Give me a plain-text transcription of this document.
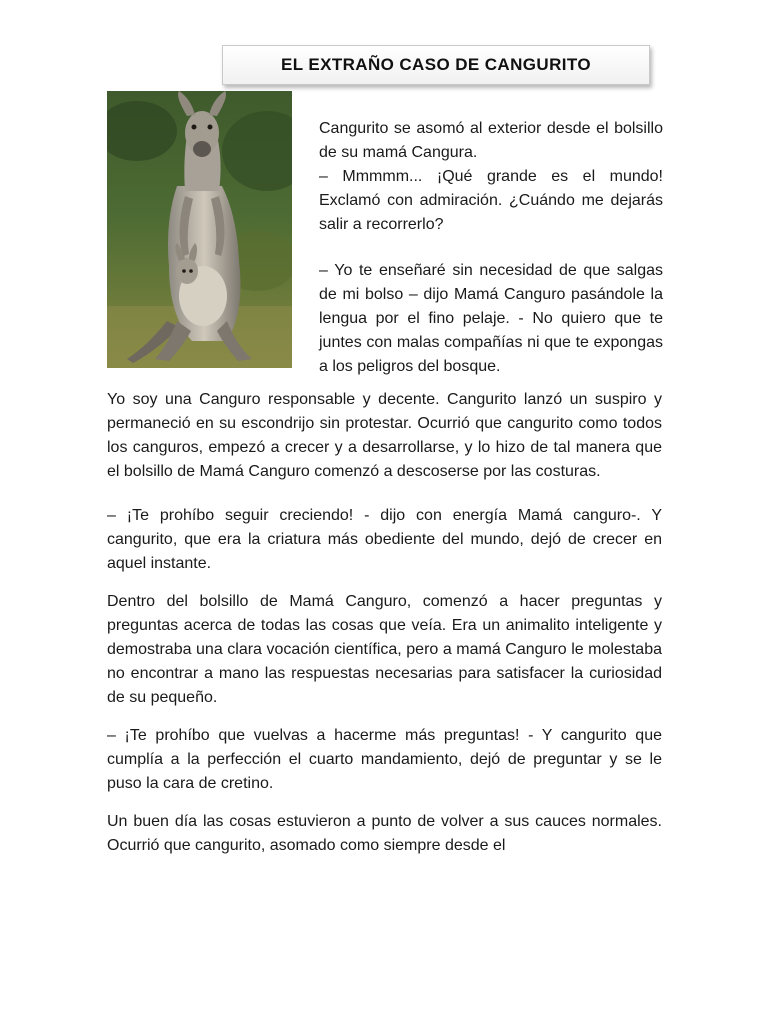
EL EXTRAÑO CASO DE CANGURITO

Cangurito se asomó al exterior desde el bolsillo de su mamá Cangura.

– Mmmmm... ¡Qué grande es el mundo! Exclamó con admiración. ¿Cuándo me dejarás salir a recorrerlo?

– Yo te enseñaré sin necesidad de que salgas de mi bolso – dijo Mamá Canguro pasándole la lengua por el fino pelaje. - No quiero que te juntes con malas compañías ni que te expongas a los peligros del bosque.

Yo soy una Canguro responsable y decente. Cangurito lanzó un suspiro y permaneció en su escondrijo sin protestar. Ocurrió que cangurito como todos los canguros, empezó a crecer y a desarrollarse, y lo hizo de tal manera que el bolsillo de Mamá Canguro comenzó a descoserse por las costuras.

– ¡Te prohíbo seguir creciendo! - dijo con energía Mamá canguro-. Y cangurito, que era la criatura más obediente del mundo, dejó de crecer en aquel instante.

Dentro del bolsillo de Mamá Canguro, comenzó a hacer preguntas y preguntas acerca de todas las cosas que veía. Era un animalito inteligente y demostraba una clara vocación científica, pero a mamá Canguro le molestaba no encontrar a mano las respuestas necesarias para satisfacer la curiosidad de su pequeño.

– ¡Te prohíbo que vuelvas a hacerme más preguntas! - Y cangurito que cumplía a la perfección el cuarto mandamiento, dejó de preguntar y se le puso la cara de cretino.

Un buen día las cosas estuvieron a punto de volver a sus cauces normales. Ocurrió que cangurito, asomado como siempre desde el
